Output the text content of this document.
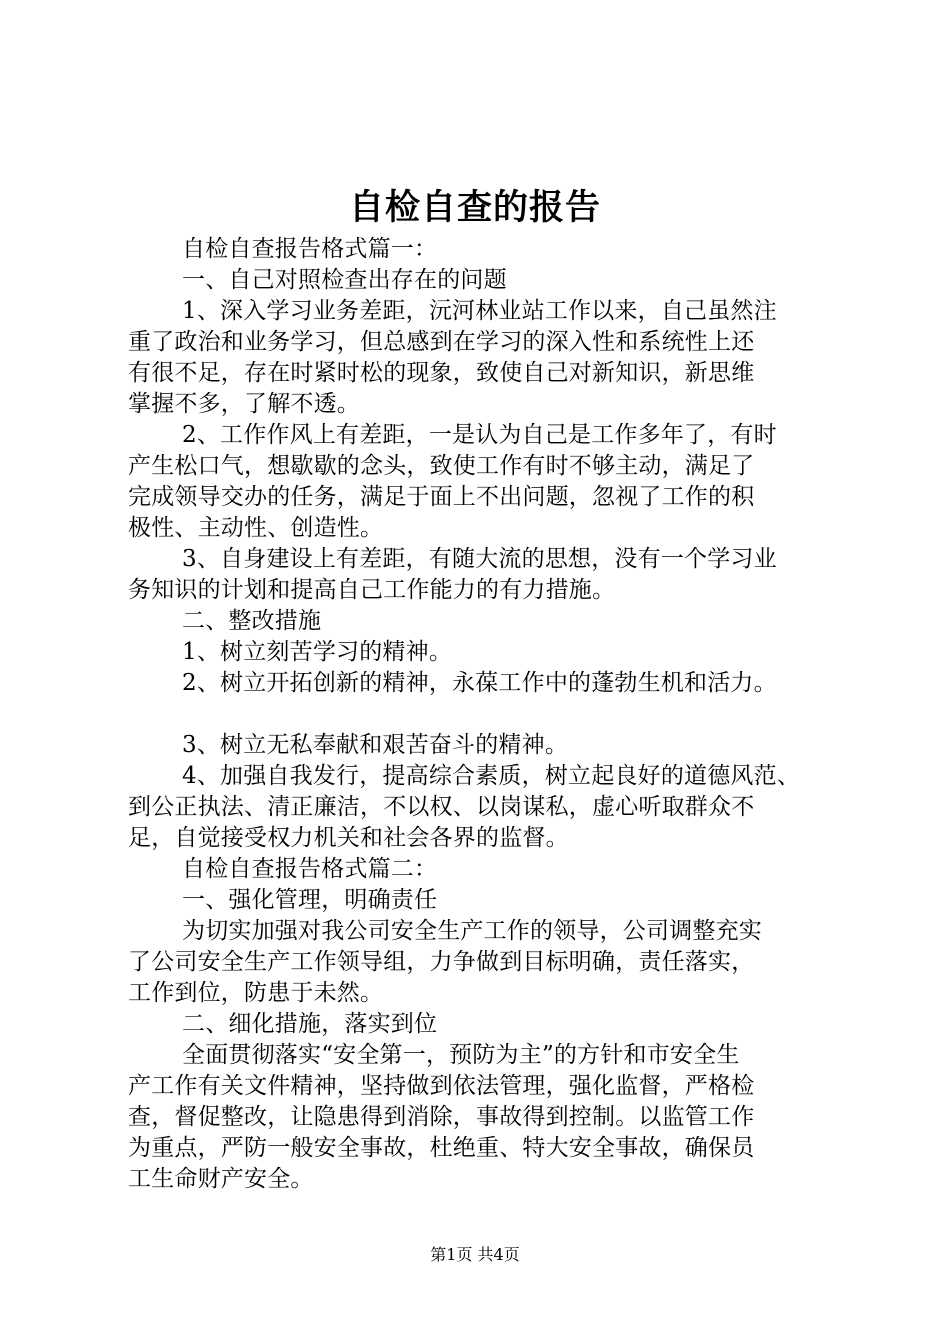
自检自查的报告
自检自查报告格式篇一：
一、自己对照检查出存在的问题
1、深入学习业务差距，沅河林业站工作以来，自己虽然注
重了政治和业务学习，但总感到在学习的深入性和系统性上还
有很不足，存在时紧时松的现象，致使自己对新知识，新思维
掌握不多，了解不透。
2、工作作风上有差距，一是认为自己是工作多年了，有时
产生松口气，想歇歇的念头，致使工作有时不够主动，满足了
完成领导交办的任务，满足于面上不出问题，忽视了工作的积
极性、主动性、创造性。
3、自身建设上有差距，有随大流的思想，没有一个学习业
务知识的计划和提高自己工作能力的有力措施。
二、整改措施
1、树立刻苦学习的精神。
2、树立开拓创新的精神，永葆工作中的蓬勃生机和活力。
3、树立无私奉献和艰苦奋斗的精神。
4、加强自我发行，提高综合素质，树立起良好的道德风范、
到公正执法、清正廉洁，不以权、以岗谋私，虚心听取群众不
足，自觉接受权力机关和社会各界的监督。
自检自查报告格式篇二：
一、强化管理，明确责任
为切实加强对我公司安全生产工作的领导，公司调整充实
了公司安全生产工作领导组，力争做到目标明确，责任落实，
工作到位，防患于未然。
二、细化措施，落实到位
全面贯彻落实“安全第一，预防为主”的方针和市安全生
产工作有关文件精神，坚持做到依法管理，强化监督，严格检
查，督促整改，让隐患得到消除，事故得到控制。以监管工作
为重点，严防一般安全事故，杜绝重、特大安全事故，确保员
工生命财产安全。
第1页 共4页
